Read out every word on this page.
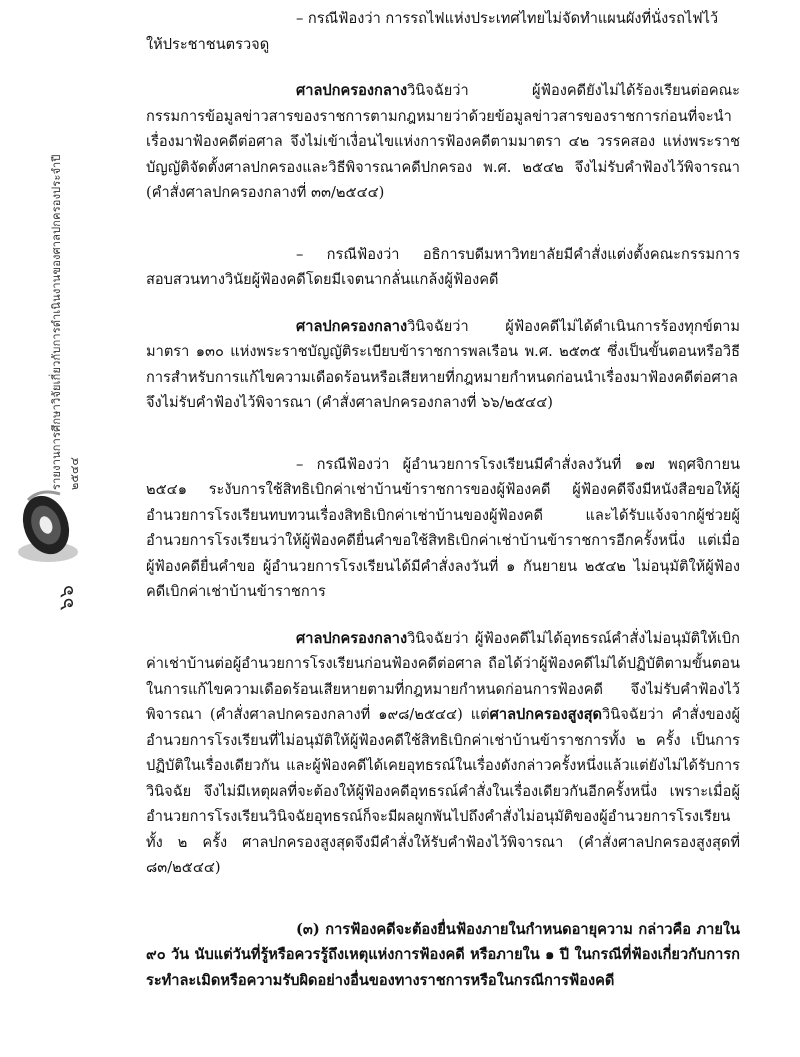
รายงานการศึกษาวิจัยเกี่ยวกับการดำเนินงานของศาลปกครองประจำปี ๒๕๔๔
๖๖

– กรณีฟ้องว่า การรถไฟแห่งประเทศไทยไม่จัดทำแผนผังที่นั่งรถไฟไว้

ให้ประชาชนตรวจดู

ศาลปกครองกลางวินิจฉัยว่า ผู้ฟ้องคดียังไม่ได้ร้องเรียนต่อคณะกรรมการข้อมูลข่าวสารของราชการตามกฎหมายว่าด้วยข้อมูลข่าวสารของราชการก่อนที่จะนำเรื่องมาฟ้องคดีต่อศาล จึงไม่เข้าเงื่อนไขแห่งการฟ้องคดีตามมาตรา ๔๒ วรรคสอง แห่งพระราชบัญญัติจัดตั้งศาลปกครองและวิธีพิจารณาคดีปกครอง พ.ศ. ๒๕๔๒ จึงไม่รับคำฟ้องไว้พิจารณา (คำสั่งศาลปกครองกลางที่ ๓๓/๒๕๔๔)

– กรณีฟ้องว่า อธิการบดีมหาวิทยาลัยมีคำสั่งแต่งตั้งคณะกรรมการสอบสวนทางวินัยผู้ฟ้องคดีโดยมีเจตนากลั่นแกล้งผู้ฟ้องคดี

ศาลปกครองกลางวินิจฉัยว่า ผู้ฟ้องคดีไม่ได้ดำเนินการร้องทุกข์ตามมาตรา ๑๓๐ แห่งพระราชบัญญัติระเบียบข้าราชการพลเรือน พ.ศ. ๒๕๓๕ ซึ่งเป็นขั้นตอนหรือวิธีการสำหรับการแก้ไขความเดือดร้อนหรือเสียหายที่กฎหมายกำหนดก่อนนำเรื่องมาฟ้องคดีต่อศาล จึงไม่รับคำฟ้องไว้พิจารณา (คำสั่งศาลปกครองกลางที่ ๖๖/๒๕๔๔)

– กรณีฟ้องว่า ผู้อำนวยการโรงเรียนมีคำสั่งลงวันที่ ๑๗ พฤศจิกายน ๒๕๔๑ ระงับการใช้สิทธิเบิกค่าเช่าบ้านข้าราชการของผู้ฟ้องคดี ผู้ฟ้องคดีจึงมีหนังสือขอให้ผู้อำนวยการโรงเรียนทบทวนเรื่องสิทธิเบิกค่าเช่าบ้านของผู้ฟ้องคดี และได้รับแจ้งจากผู้ช่วยผู้อำนวยการโรงเรียนว่าให้ผู้ฟ้องคดียื่นคำขอใช้สิทธิเบิกค่าเช่าบ้านข้าราชการอีกครั้งหนึ่ง แต่เมื่อผู้ฟ้องคดียื่นคำขอ ผู้อำนวยการโรงเรียนได้มีคำสั่งลงวันที่ ๑ กันยายน ๒๕๔๒ ไม่อนุมัติให้ผู้ฟ้องคดีเบิกค่าเช่าบ้านข้าราชการ

ศาลปกครองกลางวินิจฉัยว่า ผู้ฟ้องคดีไม่ได้อุทธรณ์คำสั่งไม่อนุมัติให้เบิกค่าเช่าบ้านต่อผู้อำนวยการโรงเรียนก่อนฟ้องคดีต่อศาล ถือได้ว่าผู้ฟ้องคดีไม่ได้ปฏิบัติตามขั้นตอนในการแก้ไขความเดือดร้อนเสียหายตามที่กฎหมายกำหนดก่อนการฟ้องคดี จึงไม่รับคำฟ้องไว้พิจารณา (คำสั่งศาลปกครองกลางที่ ๑๙๘/๒๕๔๔) แต่ศาลปกครองสูงสุดวินิจฉัยว่า คำสั่งของผู้อำนวยการโรงเรียนที่ไม่อนุมัติให้ผู้ฟ้องคดีใช้สิทธิเบิกค่าเช่าบ้านข้าราชการทั้ง ๒ ครั้ง เป็นการปฏิบัติในเรื่องเดียวกัน และผู้ฟ้องคดีได้เคยอุทธรณ์ในเรื่องดังกล่าวครั้งหนึ่งแล้วแต่ยังไม่ได้รับการวินิจฉัย จึงไม่มีเหตุผลที่จะต้องให้ผู้ฟ้องคดีอุทธรณ์คำสั่งในเรื่องเดียวกันอีกครั้งหนึ่ง เพราะเมื่อผู้อำนวยการโรงเรียนวินิจฉัยอุทธรณ์ก็จะมีผลผูกพันไปถึงคำสั่งไม่อนุมัติของผู้อำนวยการโรงเรียนทั้ง ๒ ครั้ง ศาลปกครองสูงสุดจึงมีคำสั่งให้รับคำฟ้องไว้พิจารณา (คำสั่งศาลปกครองสูงสุดที่ ๘๓/๒๕๔๔)

(๓) การฟ้องคดีจะต้องยื่นฟ้องภายในกำหนดอายุความ กล่าวคือ ภายใน ๙๐ วัน นับแต่วันที่รู้หรือควรรู้ถึงเหตุแห่งการฟ้องคดี หรือภายใน ๑ ปี ในกรณีที่ฟ้องเกี่ยวกับการกระทำละเมิดหรือความรับผิดอย่างอื่นของทางราชการหรือในกรณีการฟ้องคดี
